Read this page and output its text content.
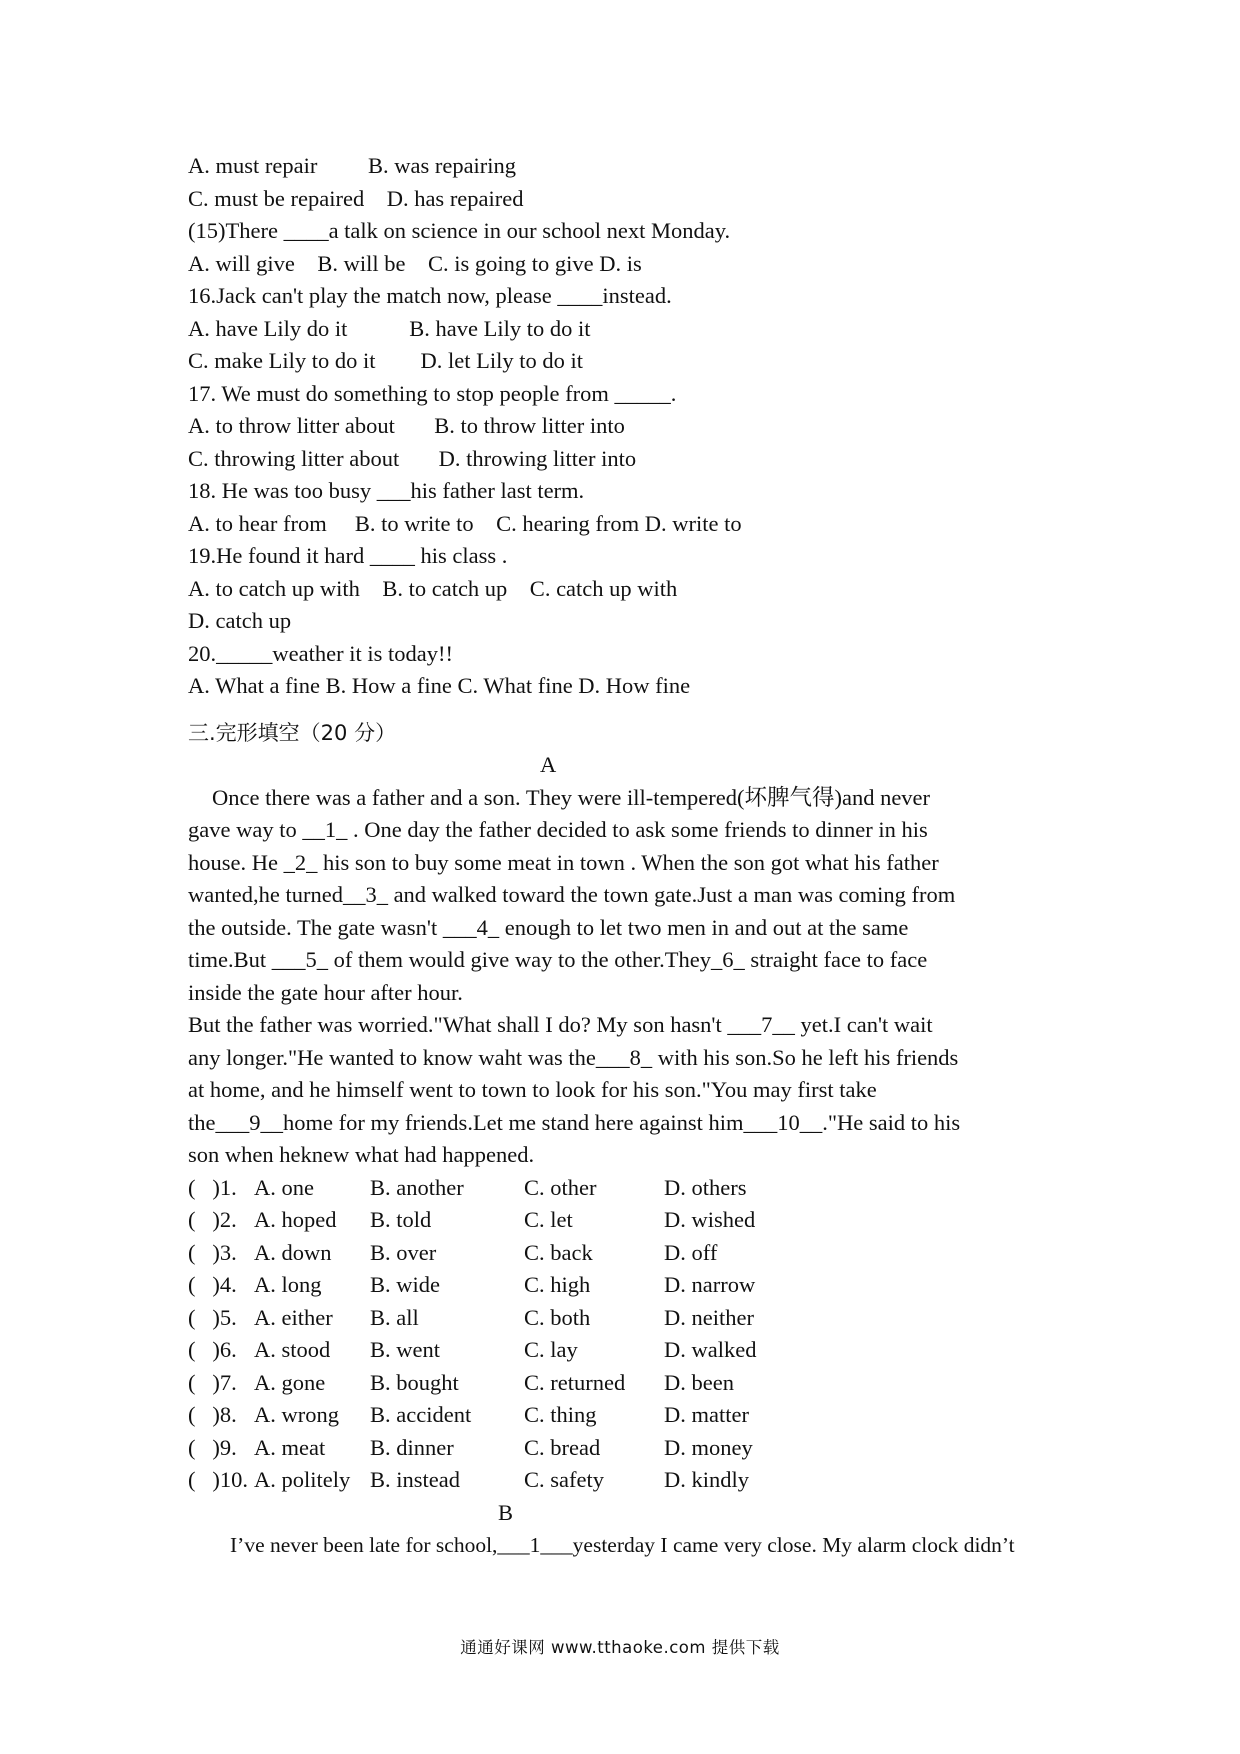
A. must repair         B. was repairing
C. must be repaired    D. has repaired
(15)There ____a talk on science in our school next Monday.
A. will give    B. will be    C. is going to give D. is
16.Jack can't play the match now, please ____instead.
A. have Lily do it           B. have Lily to do it
C. make Lily to do it        D. let Lily to do it
17. We must do something to stop people from _____.
A. to throw litter about       B. to throw litter into
C. throwing litter about       D. throwing litter into
18. He was too busy ___his father last term.
A. to hear from     B. to write to    C. hearing from D. write to
19.He found it hard ____ his class .
A. to catch up with    B. to catch up    C. catch up with
D. catch up
20._____weather it is today!!
A. What a fine B. How a fine C. What fine D. How fine
三.完形填空（20 分）
A
Once there was a father and a son. They were ill-tempered(坏脾气得)and never
gave way to __1_ . One day the father decided to ask some friends to dinner in his
house. He _2_ his son to buy some meat in town . When the son got what his father
wanted,he turned__3_ and walked toward the town gate.Just a man was coming from
the outside. The gate wasn't ___4_ enough to let two men in and out at the same
time.But ___5_ of them would give way to the other.They_6_ straight face to face
inside the gate hour after hour.
But the father was worried."What shall I do? My son hasn't ___7__ yet.I can't wait
any longer."He wanted to know waht was the___8_ with his son.So he left his friends
at home, and he himself went to town to look for his son."You may first take
the___9__home for my friends.Let me stand here against him___10__."He said to his
son when heknew what had happened.
(   )1. A. one	B. another	C. other	D. others
(   )2. A. hoped	B. told	C. let	D. wished
(   )3. A. down	B. over	C. back	D. off
(   )4. A. long	B. wide	C. high	D. narrow
(   )5. A. either	B. all	C. both	D. neither
(   )6. A. stood	B. went	C. lay	D. walked
(   )7. A. gone	B. bought	C. returned	D. been
(   )8. A. wrong	B. accident	C. thing	D. matter
(   )9. A. meat	B. dinner	C. bread	D. money
(   )10. A. politely B. instead	C. safety	D. kindly
B
I’ve never been late for school,___1___yesterday I came very close. My alarm clock didn’t
通通好课网 www.tthaoke.com 提供下载
